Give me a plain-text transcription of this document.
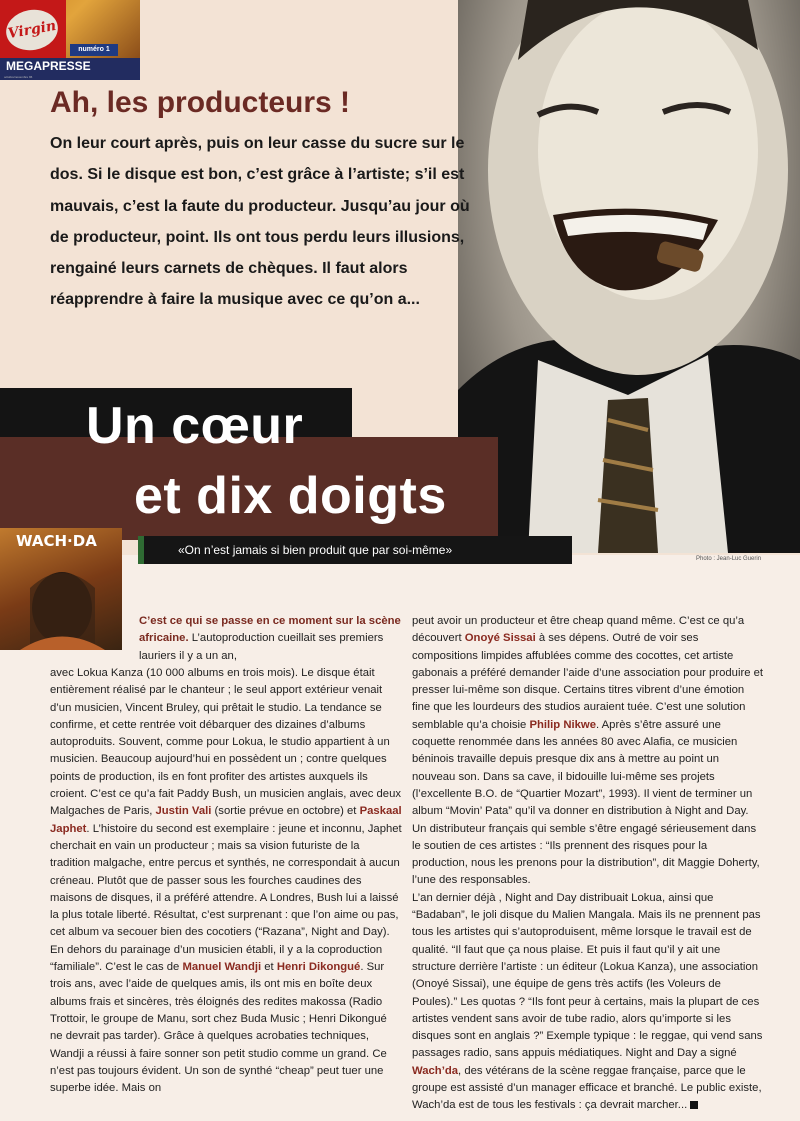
Photo : Jean-Luc Guerin
Virgin
numéro 1
MEGAPRESSE
octobre/novembre 96
Ah, les producteurs !
On leur court après, puis on leur casse du sucre sur le dos. Si le disque est bon, c’est grâce à l’artiste; s’il est mauvais, c’est la faute du producteur. Jusqu’au jour où de producteur, point. Ils ont tous perdu leurs illusions, rengainé leurs carnets de chèques. Il faut alors réapprendre à faire la musique avec ce qu’on a...
Un cœur
et dix doigts
«On n’est jamais si bien produit que par soi-même»
WACH·DA
C’est ce qui se passe en ce moment sur la scène africaine. L’autoproduction cueillait ses premiers lauriers il y a un an,

avec Lokua Kanza (10 000 albums en trois mois). Le disque était entièrement réalisé par le chanteur ; le seul apport extérieur venait d’un musicien, Vincent Bruley, qui prêtait le studio. La tendance se confirme, et cette rentrée voit débarquer des dizaines d’albums autoproduits. Souvent, comme pour Lokua, le studio appartient à un musicien. Beaucoup aujourd’hui en possèdent un ; contre quelques points de production, ils en font profiter des artistes auxquels ils croient. C’est ce qu’a fait Paddy Bush, un musicien anglais, avec deux Malgaches de Paris, Justin Vali (sortie prévue en octobre) et Paskaal Japhet. L’histoire du second est exemplaire : jeune et inconnu, Japhet cherchait en vain un producteur ; mais sa vision futuriste de la tradition malgache, entre percus et synthés, ne correspondait à aucun créneau. Plutôt que de passer sous les fourches caudines des maisons de disques, il a préféré attendre. A Londres, Bush lui a laissé la plus totale liberté. Résultat, c’est surprenant : que l’on aime ou pas, cet album va secouer bien des cocotiers (“Razana”, Night and Day).

En dehors du parainage d’un musicien établi, il y a la coproduction “familiale”. C’est le cas de Manuel Wandji et Henri Dikongué. Sur trois ans, avec l’aide de quelques amis, ils ont mis en boîte deux albums frais et sincères, très éloignés des redites makossa (Radio Trottoir, le groupe de Manu, sort chez Buda Music ; Henri Dikongué ne devrait pas tarder). Grâce à quelques acrobaties techniques, Wandji a réussi à faire sonner son petit studio comme un grand. Ce n’est pas toujours évident. Un son de synthé “cheap” peut tuer une superbe idée. Mais on

peut avoir un producteur et être cheap quand même. C’est ce qu’a découvert Onoyé Sissai à ses dépens. Outré de voir ses compositions limpides affublées comme des cocottes, cet artiste gabonais a préféré demander l’aide d’une association pour produire et presser lui-même son disque. Certains titres vibrent d’une émotion fine que les lourdeurs des studios auraient tuée. C’est une solution semblable qu’a choisie Philip Nikwe. Après s’être assuré une coquette renommée dans les années 80 avec Alafia, ce musicien béninois travaille depuis presque dix ans à mettre au point un nouveau son. Dans sa cave, il bidouille lui-même ses projets (l’excellente B.O. de “Quartier Mozart”, 1993). Il vient de terminer un album “Movin’ Pata” qu’il va donner en distribution à Night and Day. Un distributeur français qui semble s’être engagé sérieusement dans le soutien de ces artistes : “Ils prennent des risques pour la production, nous les prenons pour la distribution”, dit Maggie Doherty, l’une des responsables.

L’an dernier déjà , Night and Day distribuait Lokua, ainsi que “Badaban”, le joli disque du Malien Mangala. Mais ils ne prennent pas tous les artistes qui s’autoproduisent, même lorsque le travail est de qualité. “Il faut que ça nous plaise. Et puis il faut qu’il y ait une structure derrière l’artiste : un éditeur (Lokua Kanza), une association (Onoyé Sissai), une équipe de gens très actifs (les Voleurs de Poules).” Les quotas ? “Ils font peur à certains, mais la plupart de ces artistes vendent sans avoir de tube radio, alors qu’importe si les disques sont en anglais ?” Exemple typique : le reggae, qui vend sans passages radio, sans appuis médiatiques. Night and Day a signé Wach’da, des vétérans de la scène reggae française, parce que le groupe est assisté d’un manager efficace et branché. Le public existe, Wach’da est de tous les festivals : ça devrait marcher...
